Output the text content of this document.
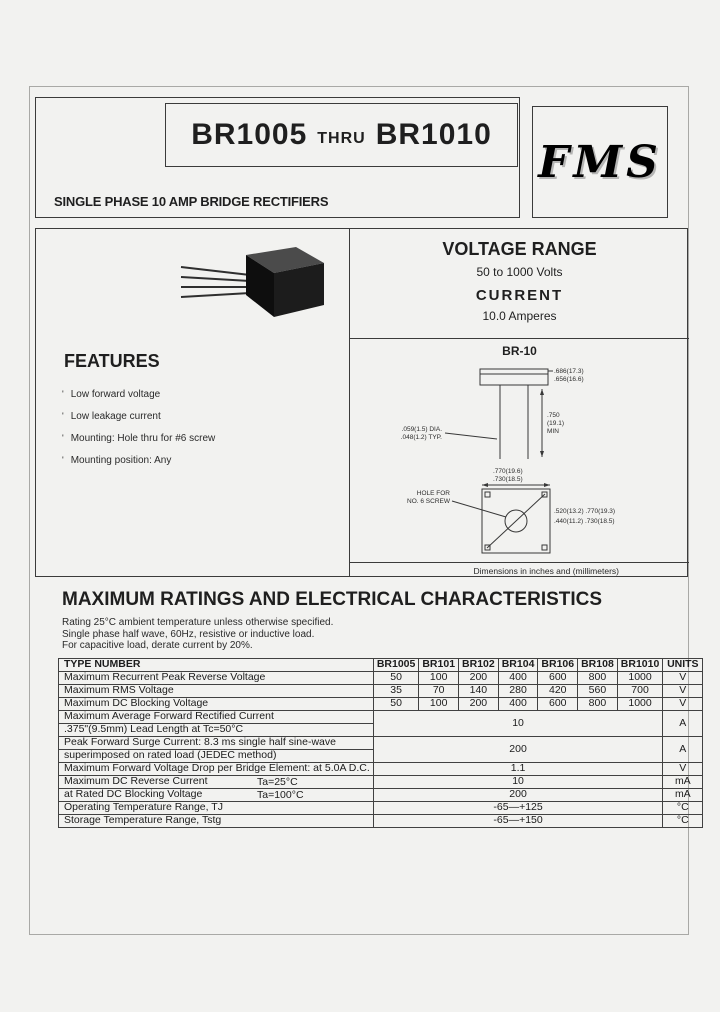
BR1005 THRU BR1010
SINGLE PHASE 10 AMP BRIDGE RECTIFIERS
FMS
FEATURES
' Low forward voltage
' Low leakage current
' Mounting: Hole thru for #6 screw
' Mounting position: Any
VOLTAGE RANGE
50 to 1000 Volts
CURRENT
10.0 Amperes
BR-10
.686(17.3)
.656(16.6)
.059(1.5) DIA.
.048(1.2) TYP.
.750
(19.1)
MIN
.770(19.6)
.730(18.5)
HOLE FOR
NO. 6 SCREW
.520(13.2) .770(19.3)
.440(11.2) .730(18.5)
Dimensions in inches and (millimeters)
MAXIMUM RATINGS AND ELECTRICAL CHARACTERISTICS
Rating 25°C ambient temperature unless otherwise specified.
Single phase half wave, 60Hz, resistive or inductive load.
For capacitive load, derate current by 20%.
TYPE NUMBER	BR1005	BR101	BR102	BR104	BR106	BR108	BR1010	UNITS
Maximum Recurrent Peak Reverse Voltage	50	100	200	400	600	800	1000	V
Maximum RMS Voltage	35	70	140	280	420	560	700	V
Maximum DC Blocking Voltage	50	100	200	400	600	800	1000	V
Maximum Average Forward Rectified Current	10							A
.375"(9.5mm) Lead Length at Tc=50°C								
Peak Forward Surge Current: 8.3 ms single half sine-wave	200							A
superimposed on rated load (JEDEC method)								
Maximum Forward Voltage Drop per Bridge Element: at 5.0A D.C.	1.1							V
Maximum DC Reverse Current Ta=25°C	10							mA
at Rated DC Blocking Voltage Ta=100°C	200							mA
Operating Temperature Range, TJ	-65—+125							°C
Storage Temperature Range, Tstg	-65—+150							°C
